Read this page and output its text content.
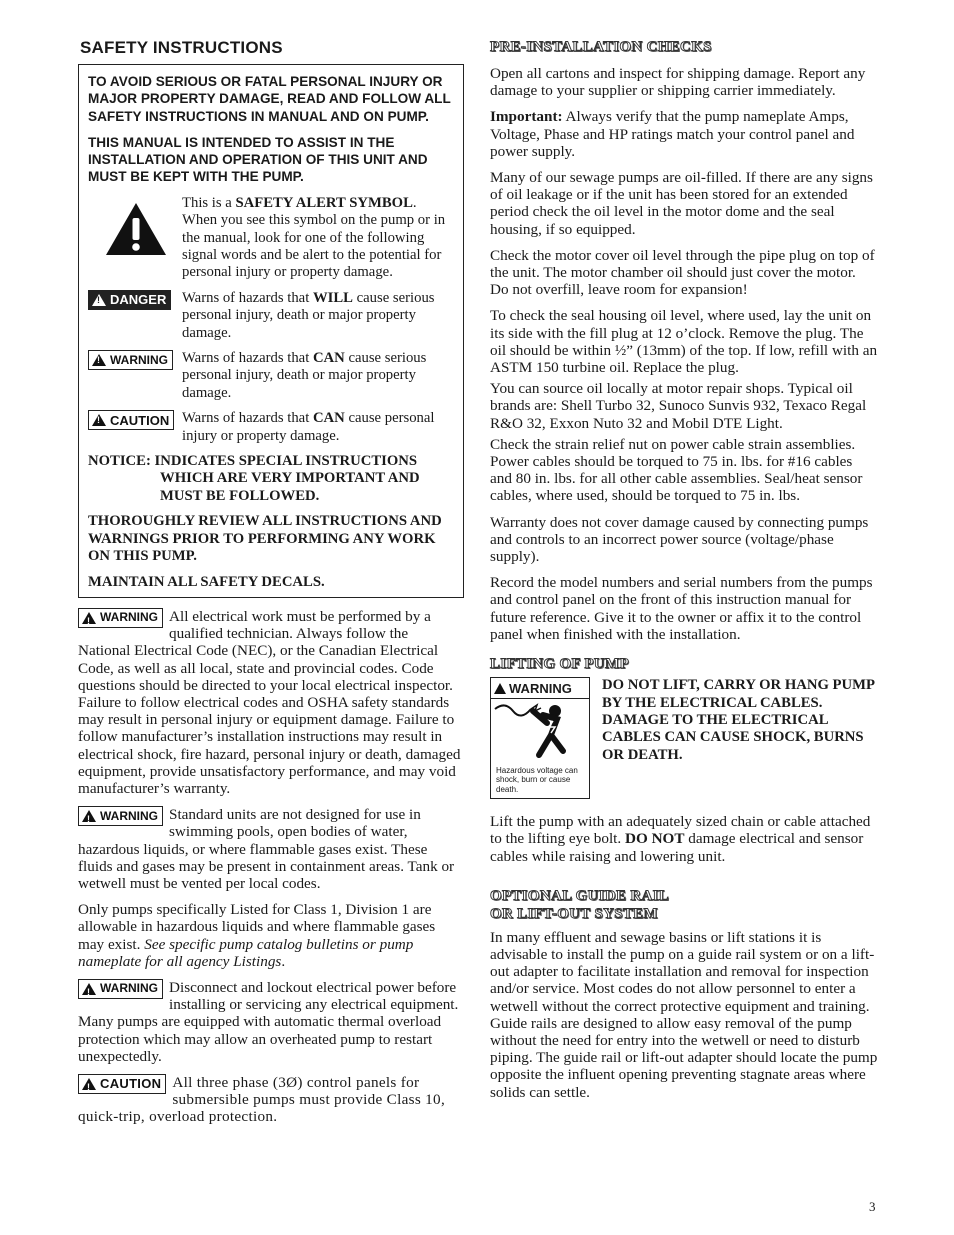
SAFETY INSTRUCTIONS

TO AVOID SERIOUS OR FATAL PERSONAL INJURY OR MAJOR PROPERTY DAMAGE, READ AND FOLLOW ALL SAFETY INSTRUCTIONS IN MANUAL AND ON PUMP.

THIS MANUAL IS INTENDED TO ASSIST IN THE INSTALLATION AND OPERATION OF THIS UNIT AND MUST BE KEPT WITH THE PUMP.

This is a SAFETY ALERT SYMBOL. When you see this symbol on the pump or in the manual, look for one of the following signal words and be alert to the potential for personal injury or property damage.
!
DANGER Warns of hazards that WILL cause serious personal injury, death or major property damage.
!
WARNING Warns of hazards that CAN cause serious personal injury, death or major property damage.
!
CAUTION Warns of hazards that CAN cause personal injury or property damage.
NOTICE: INDICATES SPECIAL INSTRUCTIONS
WHICH ARE VERY IMPORTANT AND MUST BE FOLLOWED.

THOROUGHLY REVIEW ALL INSTRUCTIONS AND WARNINGS PRIOR TO PERFORMING ANY WORK ON THIS PUMP.

MAINTAIN ALL SAFETY DECALS.

!
WARNING All electrical work must be performed by a qualified technician. Always follow the National Electrical Code (NEC), or the Canadian Electrical Code, as well as all local, state and provincial codes. Code questions should be directed to your local electrical inspector. Failure to follow electrical codes and OSHA safety standards may result in personal injury or equipment damage. Failure to follow manufacturer’s installation instructions may result in electrical shock, fire hazard, personal injury or death, damaged equipment, provide unsatisfactory performance, and may void manufacturer’s warranty.

!
WARNING Standard units are not designed for use in swimming pools, open bodies of water, hazardous liquids, or where flammable gases exist. These fluids and gases may be present in containment areas. Tank or wetwell must be vented per local codes.

Only pumps specifically Listed for Class 1, Division 1 are allowable in hazardous liquids and where flammable gases may exist. See specific pump catalog bulletins or pump nameplate for all agency Listings.

!
WARNING Disconnect and lockout electrical power before installing or servicing any electrical equipment. Many pumps are equipped with automatic thermal overload protection which may allow an overheated pump to restart unexpectedly.

!
CAUTION All three phase (3Ø) control panels for submersible pumps must provide Class 10, quick-trip, overload protection.

PRE-INSTALLATION CHECKS

Open all cartons and inspect for shipping damage. Report any damage to your supplier or shipping carrier immediately.

Important: Always verify that the pump nameplate Amps, Voltage, Phase and HP ratings match your control panel and power supply.

Many of our sewage pumps are oil-filled. If there are any signs of oil leakage or if the unit has been stored for an extended period check the oil level in the motor dome and the seal housing, if so equipped.

Check the motor cover oil level through the pipe plug on top of the unit. The motor chamber oil should just cover the motor. Do not overfill, leave room for expansion!

To check the seal housing oil level, where used, lay the unit on its side with the fill plug at 12 o’clock. Remove the plug. The oil should be within ½” (13mm) of the top. If low, refill with an ASTM 150 turbine oil. Replace the plug.

You can source oil locally at motor repair shops. Typical oil brands are: Shell Turbo 32, Sunoco Sunvis 932, Texaco Regal R&O 32, Exxon Nuto 32 and Mobil DTE Light.

Check the strain relief nut on power cable strain assemblies. Power cables should be torqued to 75 in. lbs. for #16 cables and 80 in. lbs. for all other cable assemblies. Seal/heat sensor cables, where used, should be torqued to 75 in. lbs.

Warranty does not cover damage caused by connecting pumps and controls to an incorrect power source (voltage/phase supply).

Record the model numbers and serial numbers from the pumps and control panel on the front of this instruction manual for future reference. Give it to the owner or affix it to the control panel when finished with the installation.

LIFTING OF PUMP
WARNING
Hazardous voltage can shock, burn or cause death.
DO NOT LIFT, CARRY OR HANG PUMP BY THE ELECTRICAL CABLES. DAMAGE TO THE ELECTRICAL CABLES CAN CAUSE SHOCK, BURNS OR DEATH.

Lift the pump with an adequately sized chain or cable attached to the lifting eye bolt. DO NOT damage electrical and sensor cables while raising and lowering unit.

OPTIONAL GUIDE RAIL
OR LIFT-OUT SYSTEM

In many effluent and sewage basins or lift stations it is advisable to install the pump on a guide rail system or on a lift-out adapter to facilitate installation and removal for inspection and/or service. Most codes do not allow personnel to enter a wetwell without the correct protective equipment and training. Guide rails are designed to allow easy removal of the pump without the need for entry into the wetwell or need to disturb piping. The guide rail or lift-out adapter should locate the pump opposite the influent opening preventing stagnate areas where solids can settle.

3
